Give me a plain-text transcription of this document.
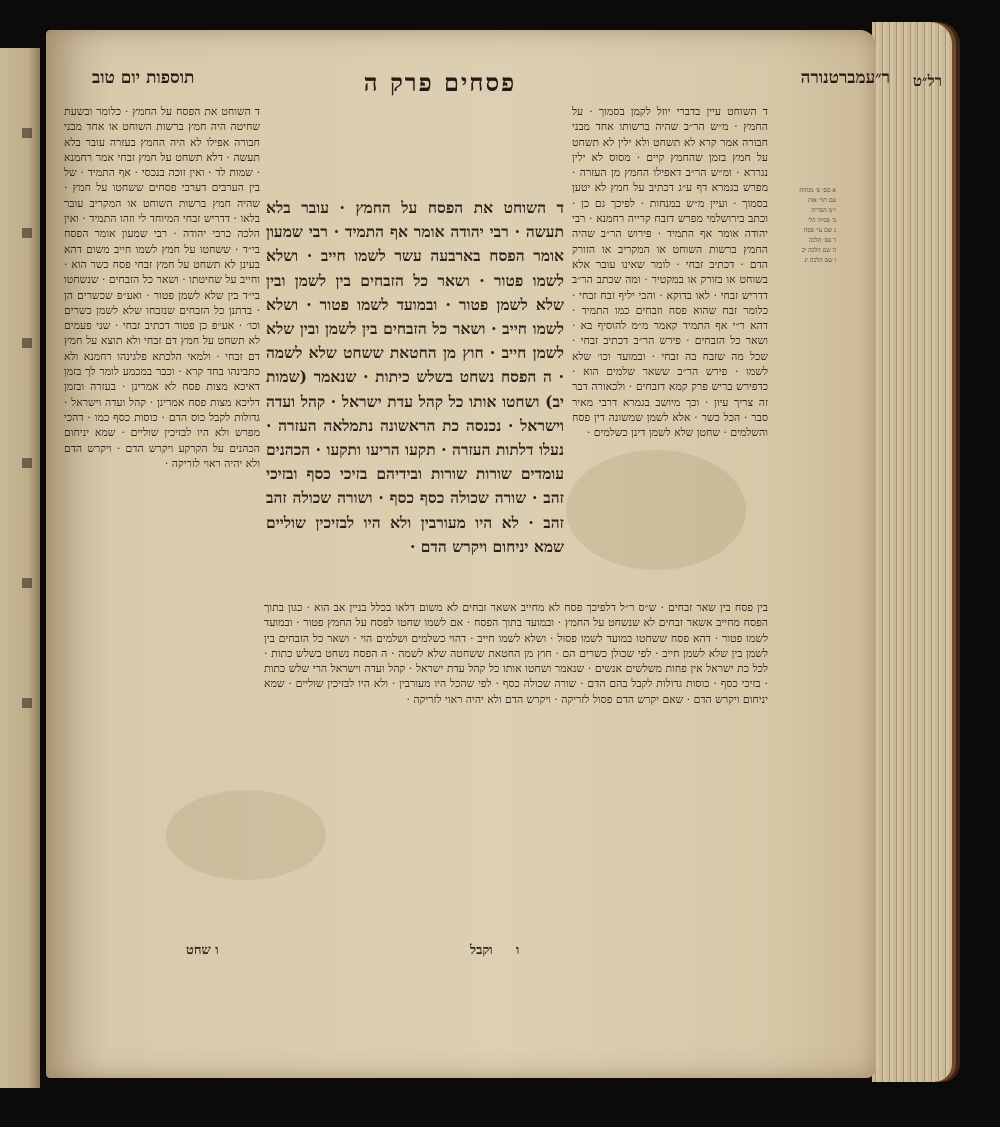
רל״ט
ר״עמברטנורה
פסחים פרק ה
תוספות יום טוב

ד השוחט עיין בדברי יוזל לקמן בסמוך · על החמץ · מ״ש הר״ב שהיה ברשותו אחד מבני חבורה אמר קרא לא תשחט ולא ילין לא תשחט על חמץ בזמן שהחמץ קיים · מסוס לא ילין נגררא · ומ״ש הר״ב דאפילו החמץ מן העזרה · מפרש בגמרא דף ע״ג דכתיב על חמץ לא יטען בסמוך · ועיין מ״ש במנחות · לפיכך גם כן · וכתב בירושלמי מפרש דזבח קרייה רחמנא · רבי יהודה אומר אף התמיד · פירוש הר״ב שהיה החמץ ברשות השוחט או המקריב או הזורק הדם · דכתיב זבחי · לומר שאינו עובר אלא בשוחט או בזורק או במקטיר · ומה שכתב הר״ב דדריש זבחי · לאו בדוקא · והכי יליף זבח זבחי · כלומר זבח שהוא פסח וזבחים כמו התמיד · דהא ר״י אף התמיד קאמר מ״מ להוסיף בא · ושאר כל הזבחים · פירש הר״ב דכתיב זבחי · שכל מה שזבח בה זבחי · ובמועד וכו׳ שלא לשמו · פירש הר״ב ששאר שלמים הוא · כדפירש בריש פרק קמא דזבחים · ולכאורה דבר זה צריך עיון · וכך מיושב בגמרא דרבי מאיר סבר · הכל כשר · אלא לשמן שמשונה דין פסח והשלמים · שחטן שלא לשמן דינן כשלמים ·

ד השוחט את הפסח על החמץ · עובר בלא תעשה · רבי יהודה אומר אף התמיד · רבי שמעון אומר הפסח בארבעה עשר לשמו חייב · ושלא לשמו פטור · ושאר כל הזבחים בין לשמן ובין שלא לשמן פטור · ובמועד לשמו פטור · ושלא לשמו חייב · ושאר כל הזבחים בין לשמן ובין שלא לשמן חייב · חוץ מן החטאת ששחט שלא לשמה · ה הפסח נשחט בשלש כיתות · שנאמר (שמות יב) ושחטו אותו כל קהל עדת ישראל · קהל ועדה וישראל · נכנסה כת הראשונה נתמלאה העזרה · נעלו דלתות העזרה · תקעו הריעו ותקעו · הכהנים עומדים שורות שורות ובידיהם בזיכי כסף ובזיכי זהב · שורה שכולה כסף כסף · ושורה שכולה זהב זהב · לא היו מעורבין ולא היו לבזיכין שוליים שמא יניחום ויקרש הדם ·

ד השוחט את הפסח על החמץ · כלומר ובשעת שחיטה היה חמץ ברשות השוחט או אחד מבני חבורה אפילו לא היה החמץ בעזרה עובר בלא תעשה · דלא תשחט על חמץ זבחי אמר רחמנא · שמות לד · ואין זוכה בנכסי · אף התמיד · של בין הערבים דערבי פסחים ששחטו על חמץ · שהיה חמץ ברשות השוחט או המקריב עובר בלאו · דדריש זבחי המיוחד לי וזהו התמיד · ואין הלכה כרבי יהודה · רבי שמעון אומר הפסח בי״ד · ששחטו על חמץ לשמו חייב משום דהא בעינן לא תשחט על חמץ זבחי פסח כשר הוא · וחייב על שחיטתו · ושאר כל הזבחים · שנשחטו בי״ד בין שלא לשמן פטור · ואע״פ שכשרים הן · בדתנן כל הזבחים שנזבחו שלא לשמן כשרים וכו׳ · אע״פ כן פטור דכתיב זבחי · שני פעמים לא תשחט על חמץ דם זבחי ולא תוצא על חמץ דם זבחי · ולמאי הלכתא פלגינהו רחמנא ולא כתבינהו בחד קרא · וכבר במכמע לומר לך בזמן דאיכא מצות פסח לא אמרינן · בעזרה ובזמן דליכא מצות פסח אמרינן · קהל ועדה וישראל · גדולות לקבל כוס הדם · כוסות כסף כמו · דהכי מפרש ולא היו לבזיכין שוליים · שמא יניחום הכהנים על הקרקע ויקרש הדם · ויקרש הדם ולא יהיה ראוי לזריקה ·

בין פסח בין שאר זבחים · ש״ס ר״ל דלפיכך פסח לא מחייב אשאר זבחים לא משום דלאו בכלל בניין אב הוא · כגון בתוך הפסח מחייב אשאר זבחים לא שנשחט על החמץ · ובמועד בתוך הפסח · אם לשמו שחטו לפסח על החמץ פטור · ובמועד לשמו פטור · דהא פסח ששחטו במועד לשמו פסול · ושלא לשמו חייב · דהוי כשלמים ושלמים הוי · ושאר כל הזבחים בין לשמן בין שלא לשמן חייב · לפי שכולן כשרים הם · חוץ מן החטאת ששחטה שלא לשמה · ה הפסח נשחט בשלש כתות · לכל כת ישראל אין פחות משלשים אנשים · שנאמר ושחטו אותו כל קהל עדת ישראל · קהל ועדה וישראל הרי שלש כתות · בזיכי כסף · כוסות גדולות לקבל בהם הדם · שורה שכולה כסף · לפי שהכל היו מעורבין · ולא היו לבזיכין שוליים · שמא יניחום ויקרש הדם · שאם יקרש הדם פסול לזריקה · ויקרש הדם ולא יהיה ראוי לזריקה ·

א סם׳ פ׳ מנחות
עם תוי׳ אות
ו״מ הפר״ח
ב׳ פס״ה הל׳
ג שם עי׳ פסח
ד פס׳ הלכה
ה שם הלכה יב
ו שם הלכה יג
וקבל ו
ו שחט
